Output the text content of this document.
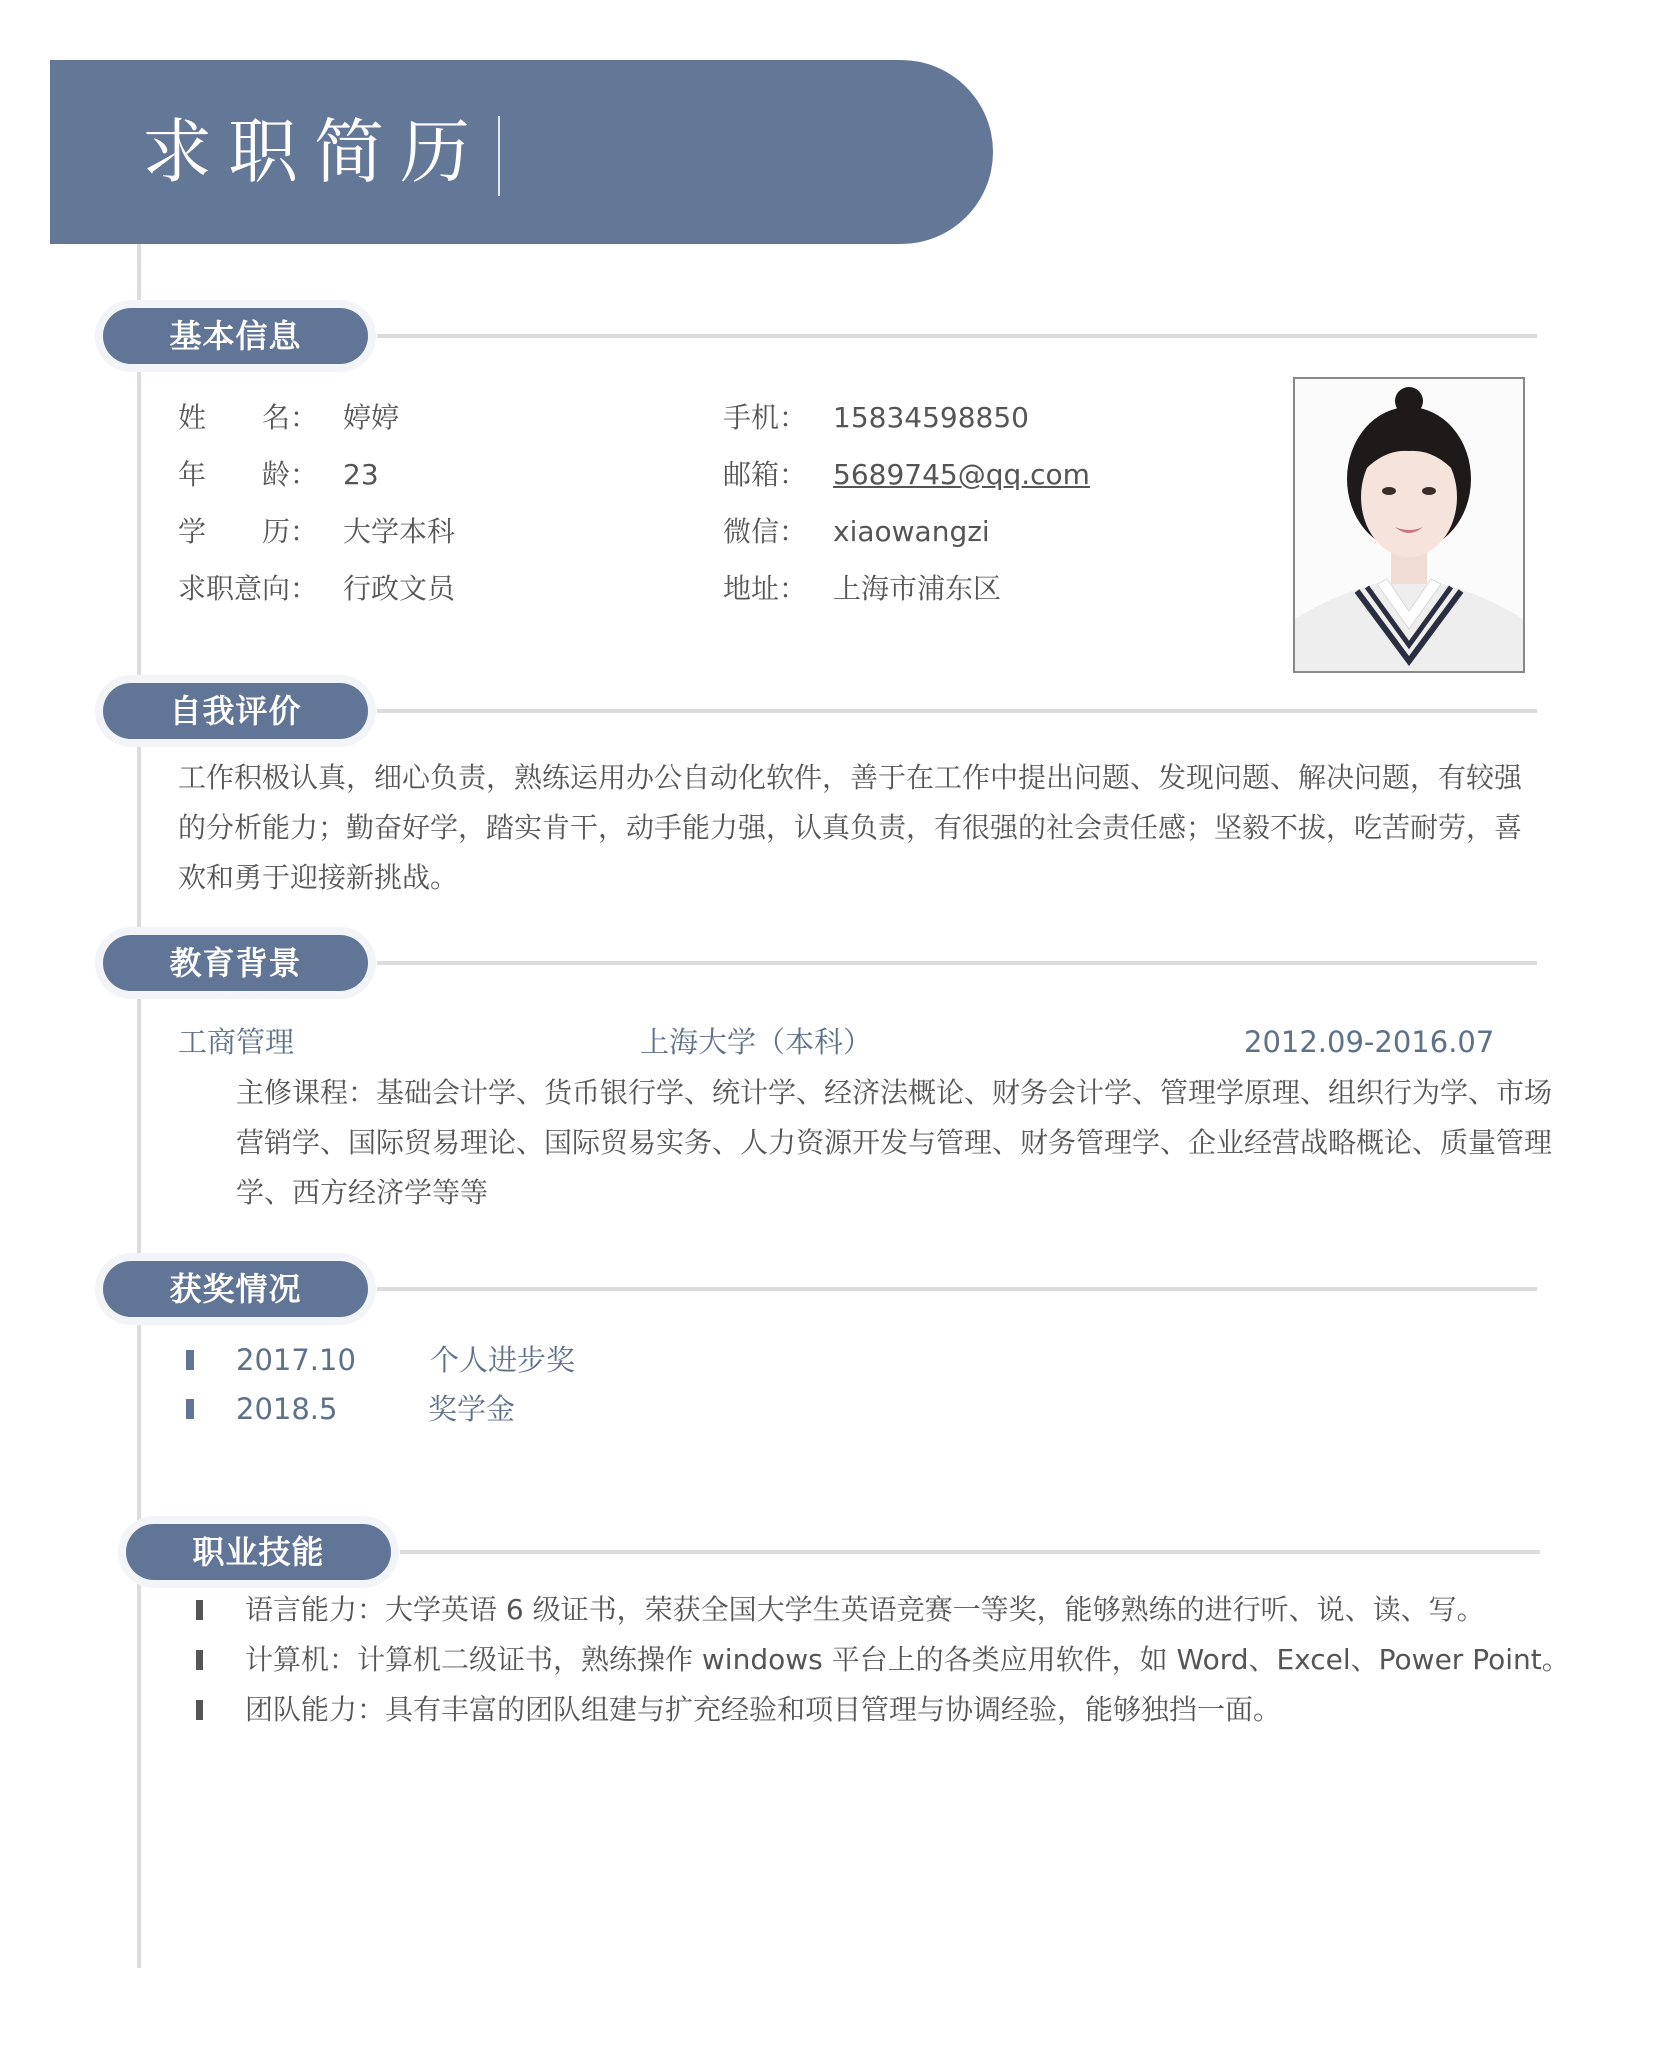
求职简历
基本信息
姓　　名： 婷婷
年　　龄： 23
学　　历： 大学本科
求职意向： 行政文员
手机： 15834598850
邮箱： 5689745@qq.com
微信： xiaowangzi
地址： 上海市浦东区
自我评价
工作积极认真，细心负责，熟练运用办公自动化软件，善于在工作中提出问题、发现问题、解决问题，有较强
的分析能力；勤奋好学，踏实肯干，动手能力强，认真负责，有很强的社会责任感；坚毅不拔，吃苦耐劳，喜
欢和勇于迎接新挑战。
教育背景
工商管理	上海大学（本科）	2012.09-2016.07
主修课程：基础会计学、货币银行学、统计学、经济法概论、财务会计学、管理学原理、组织行为学、市场
营销学、国际贸易理论、国际贸易实务、人力资源开发与管理、财务管理学、企业经营战略概论、质量管理
学、西方经济学等等
获奖情况
2017.10	个人进步奖
2018.5	奖学金
职业技能
语言能力：大学英语 6 级证书，荣获全国大学生英语竞赛一等奖，能够熟练的进行听、说、读、写。
计算机：计算机二级证书，熟练操作 windows 平台上的各类应用软件，如 Word、Excel、Power Point。
团队能力：具有丰富的团队组建与扩充经验和项目管理与协调经验，能够独挡一面。
